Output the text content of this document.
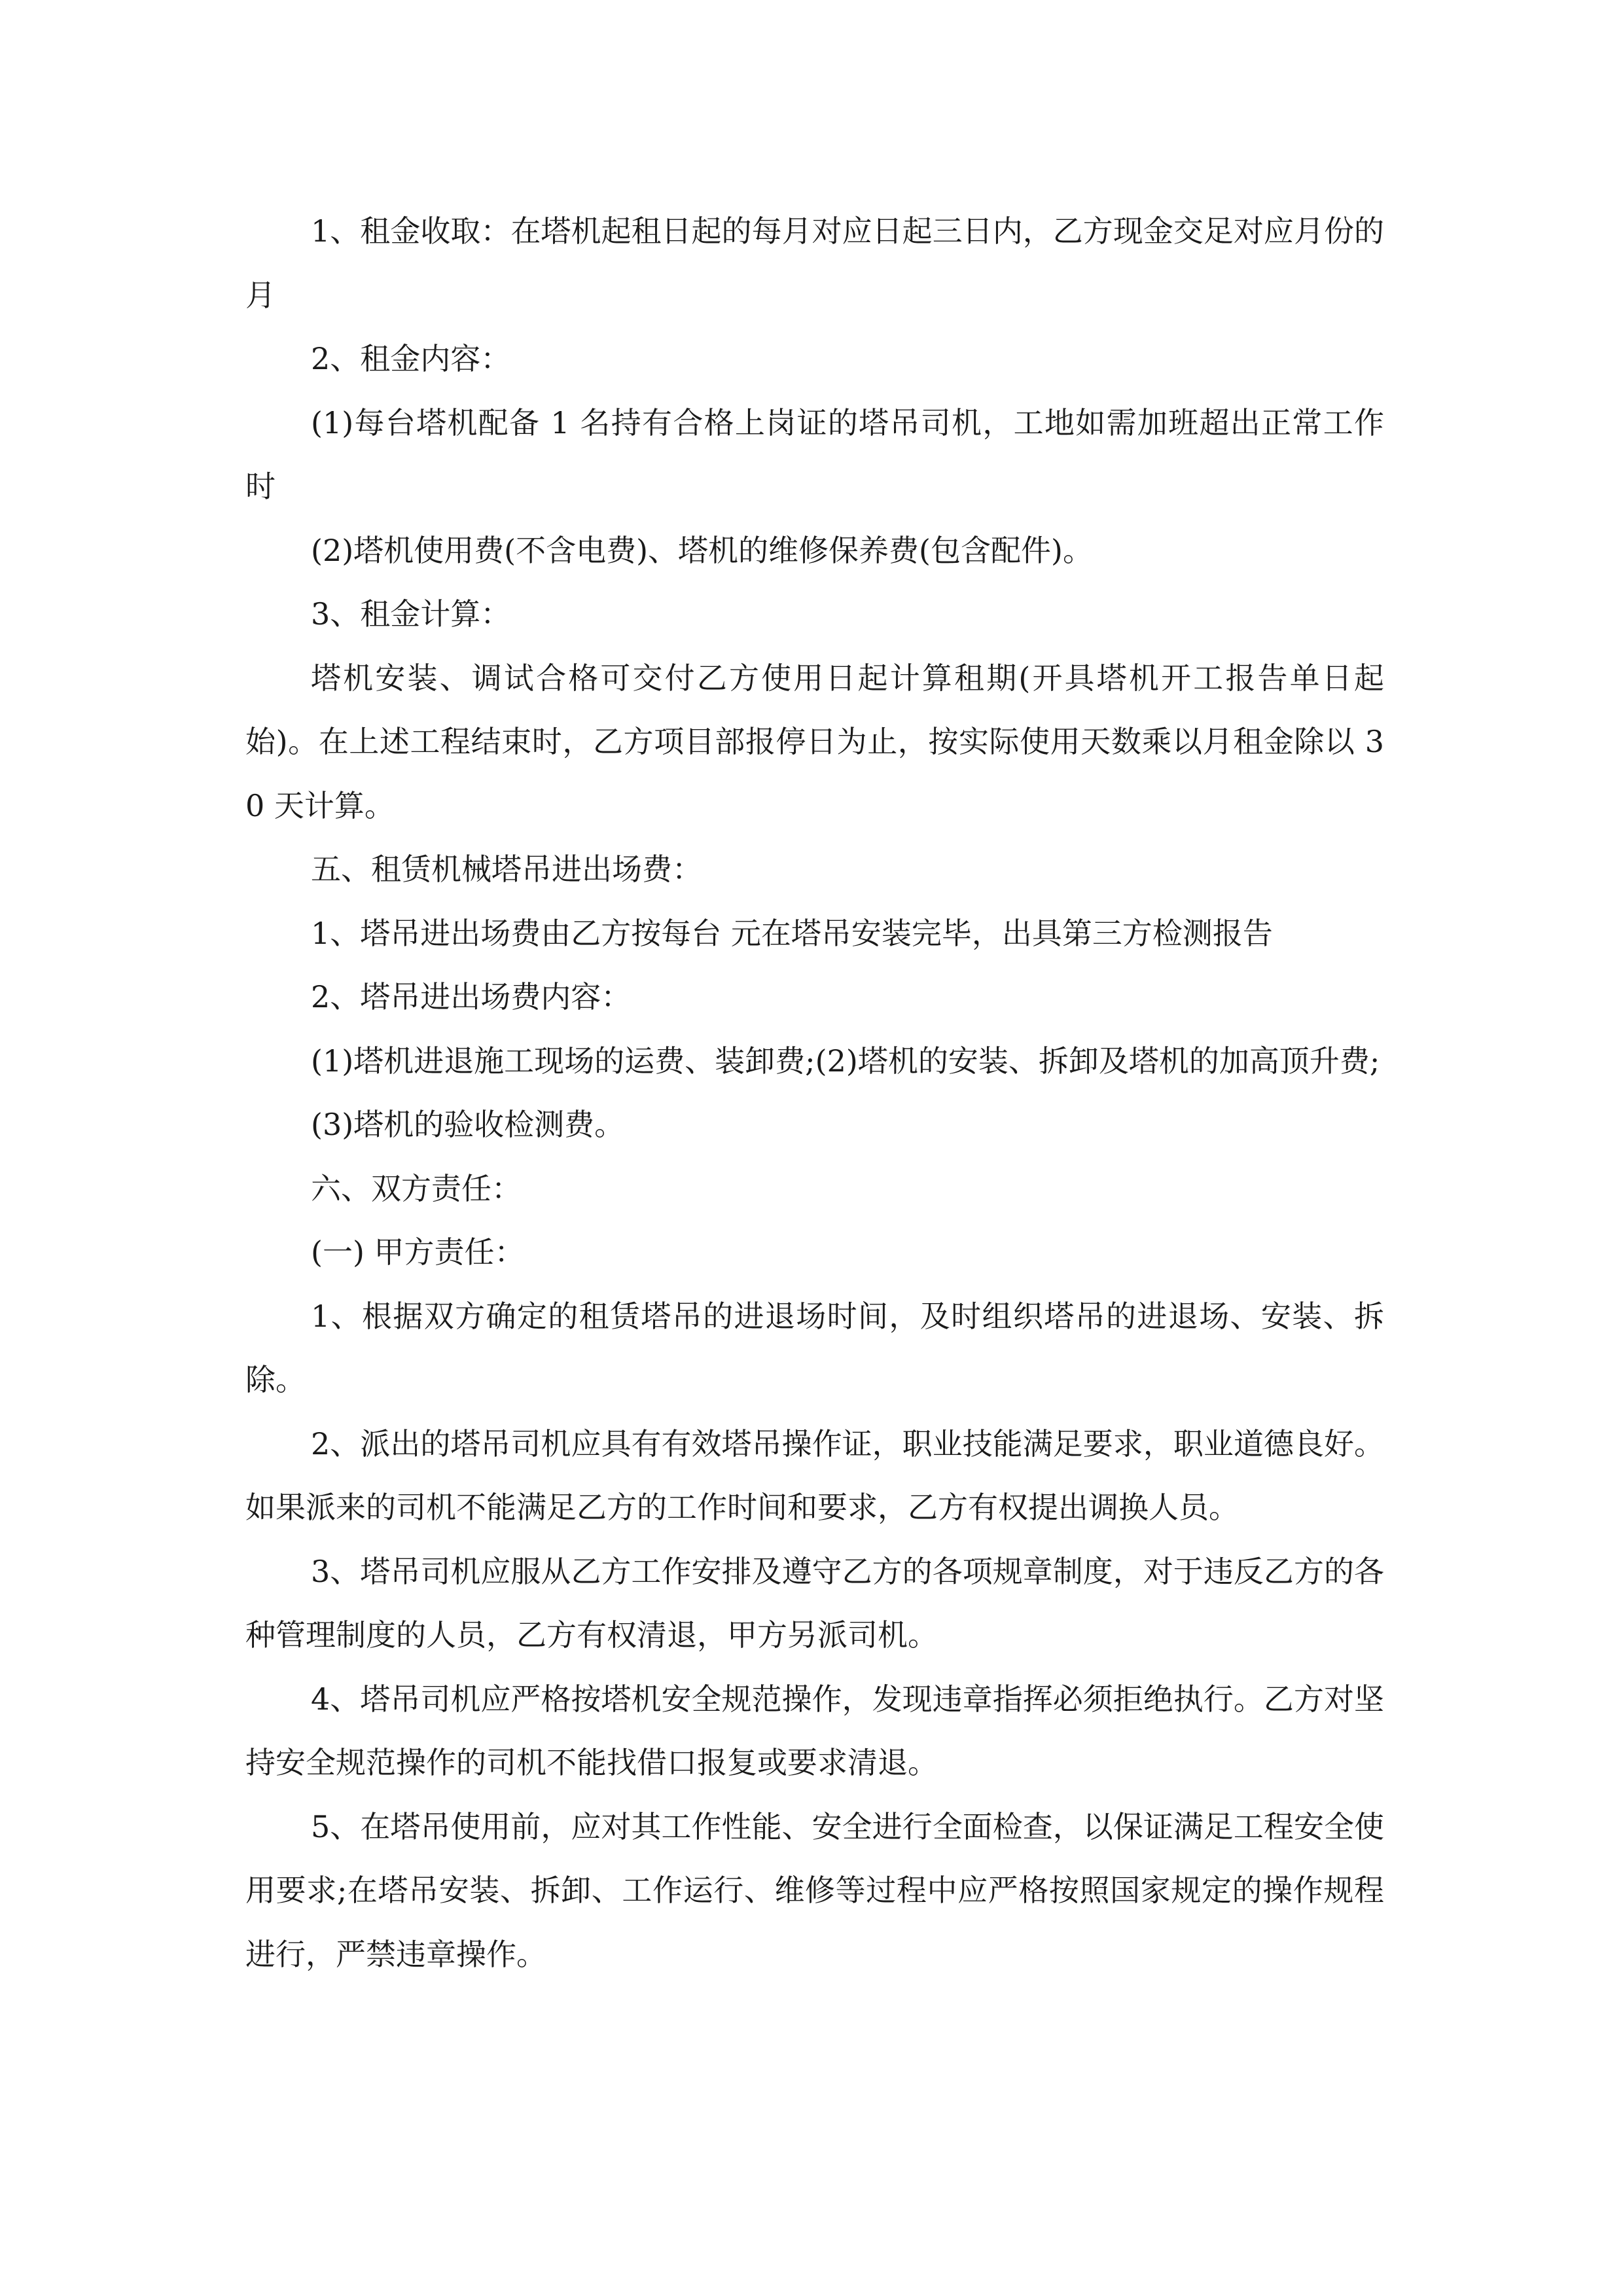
1、租金收取：在塔机起租日起的每月对应日起三日内，乙方现金交足对应月份的月

2、租金内容：

(1)每台塔机配备 1 名持有合格上岗证的塔吊司机，工地如需加班超出正常工作时

(2)塔机使用费(不含电费)、塔机的维修保养费(包含配件)。

3、租金计算：

塔机安装、调试合格可交付乙方使用日起计算租期(开具塔机开工报告单日起始)。在上述工程结束时，乙方项目部报停日为止，按实际使用天数乘以月租金除以 30 天计算。

五、租赁机械塔吊进出场费：

1、塔吊进出场费由乙方按每台 元在塔吊安装完毕，出具第三方检测报告

2、塔吊进出场费内容：

(1)塔机进退施工现场的运费、装卸费;(2)塔机的安装、拆卸及塔机的加高顶升费;

(3)塔机的验收检测费。

六、双方责任：

(一) 甲方责任：

1、根据双方确定的租赁塔吊的进退场时间，及时组织塔吊的进退场、安装、拆除。

2、派出的塔吊司机应具有有效塔吊操作证，职业技能满足要求，职业道德良好。如果派来的司机不能满足乙方的工作时间和要求，乙方有权提出调换人员。

3、塔吊司机应服从乙方工作安排及遵守乙方的各项规章制度，对于违反乙方的各种管理制度的人员，乙方有权清退，甲方另派司机。

4、塔吊司机应严格按塔机安全规范操作，发现违章指挥必须拒绝执行。乙方对坚持安全规范操作的司机不能找借口报复或要求清退。

5、在塔吊使用前，应对其工作性能、安全进行全面检查，以保证满足工程安全使用要求;在塔吊安装、拆卸、工作运行、维修等过程中应严格按照国家规定的操作规程进行，严禁违章操作。
